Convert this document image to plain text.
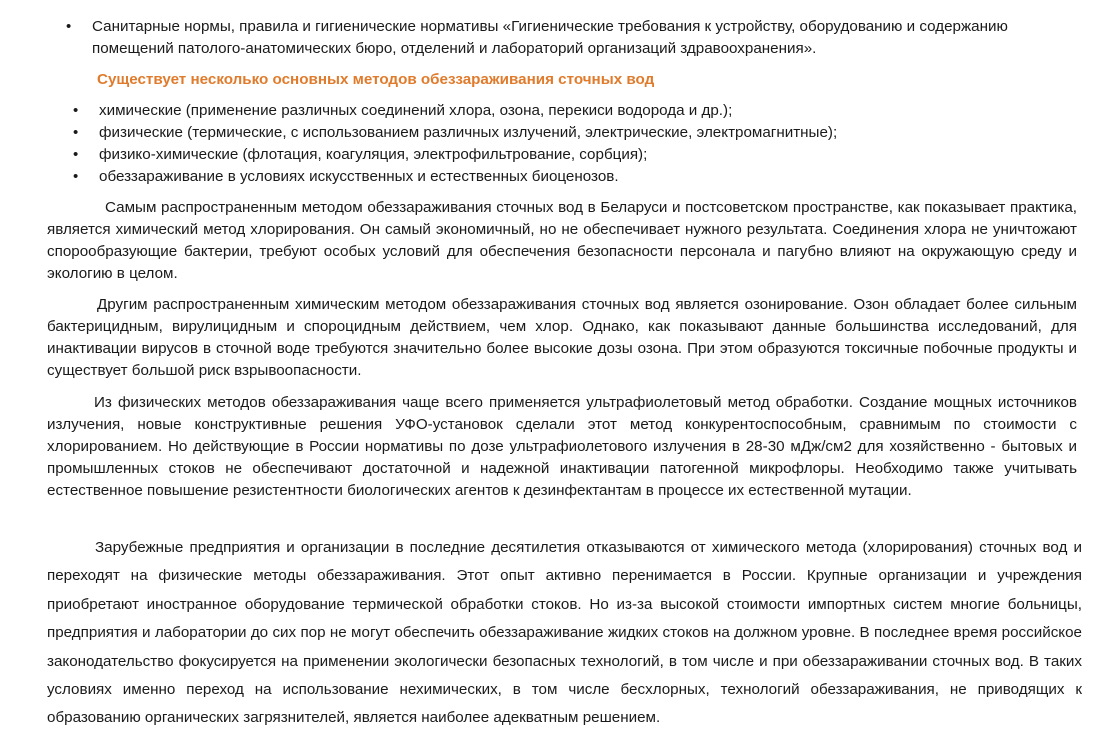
•	Санитарные нормы, правила и гигиенические нормативы «Гигиенические требования к устройству, оборудованию и содержанию помещений патолого-анатомических бюро, отделений и лабораторий организаций здравоохранения».
Существует несколько основных методов обеззараживания сточных вод
•	химические (применение различных соединений хлора, озона, перекиси водорода и др.);
•	физические (термические, с использованием различных излучений, электрические, электромагнитные);
•	физико-химические (флотация, коагуляция, электрофильтрование, сорбция);
•	обеззараживание в условиях искусственных и естественных биоценозов.
Самым распространенным методом обеззараживания сточных вод в Беларуси и постсоветском пространстве, как показывает практика, является химический метод хлорирования. Он самый экономичный, но не обеспечивает нужного результата. Соединения хлора не уничтожают спорообразующие бактерии, требуют особых условий для обеспечения безопасности персонала и пагубно влияют на окружающую среду и экологию в целом.
Другим распространенным химическим методом обеззараживания сточных вод является озонирование. Озон обладает более сильным бактерицидным, вирулицидным и спороцидным действием, чем хлор. Однако, как показывают данные большинства исследований, для инактивации вирусов в сточной воде требуются значительно более высокие дозы озона. При этом образуются токсичные побочные продукты и существует большой риск взрывоопасности.
Из физических методов обеззараживания чаще всего применяется ультрафиолетовый метод обработки. Создание мощных источников излучения, новые конструктивные решения УФО-установок сделали этот метод конкурентоспособным, сравнимым по стоимости с хлорированием. Но действующие в России нормативы по дозе ультрафиолетового излучения в 28-30 мДж/см2 для хозяйственно - бытовых и промышленных стоков не обеспечивают достаточной и надежной инактивации патогенной микрофлоры. Необходимо также учитывать естественное повышение резистентности биологических агентов к дезинфектантам в процессе их естественной мутации.
Зарубежные предприятия и организации в последние десятилетия отказываются от химического метода (хлорирования) сточных вод и переходят на физические методы обеззараживания. Этот опыт активно перенимается в России. Крупные организации и учреждения приобретают иностранное оборудование термической обработки стоков. Но из-за высокой стоимости импортных систем многие больницы, предприятия и лаборатории до сих пор не могут обеспечить обеззараживание жидких стоков на должном уровне. В последнее время российское законодательство фокусируется на применении экологически безопасных технологий, в том числе и при обеззараживании сточных вод. В таких условиях именно переход на использование нехимических, в том числе бесхлорных, технологий обеззараживания, не приводящих к образованию органических загрязнителей, является наиболее адекватным решением.
